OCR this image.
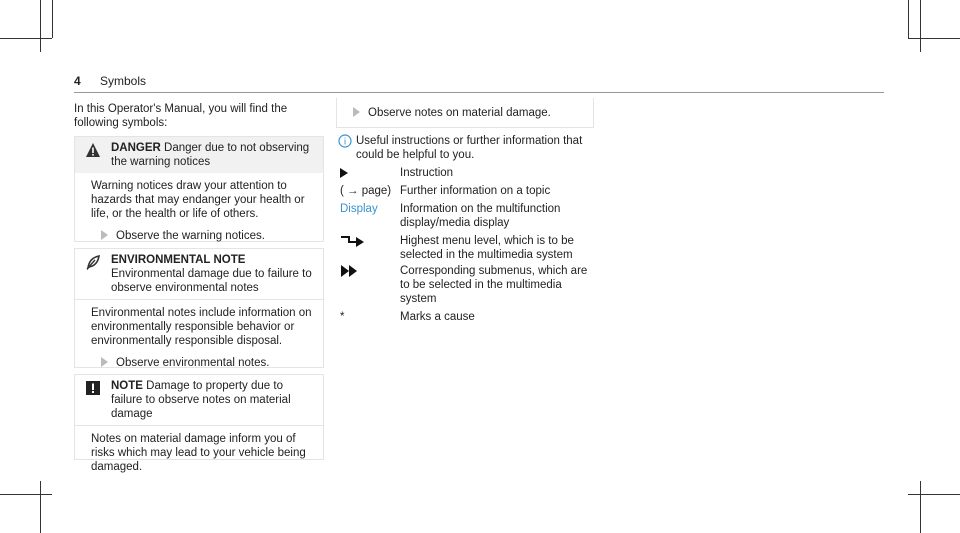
4 Symbols
In this Operator's Manual, you will find the following symbols:
DANGER Danger due to not observing the warning notices

Warning notices draw your attention to hazards that may endanger your health or life, or the health or life of others.

Observe the warning notices.

ENVIRONMENTAL NOTE Environmental damage due to failure to observe environmental notes

Environmental notes include information on environmentally responsible behavior or environmentally responsible disposal.

Observe environmental notes.

NOTE Damage to property due to failure to observe notes on material damage

Notes on material damage inform you of risks which may lead to your vehicle being damaged.

Observe notes on material damage.
i Useful instructions or further information that could be helpful to you.
Instruction
( → page) Further information on a topic
Display	Information on the multifunction display/media display
Highest menu level, which is to be selected in the multimedia system
Corresponding submenus, which are to be selected in the multimedia system
*	Marks a cause
